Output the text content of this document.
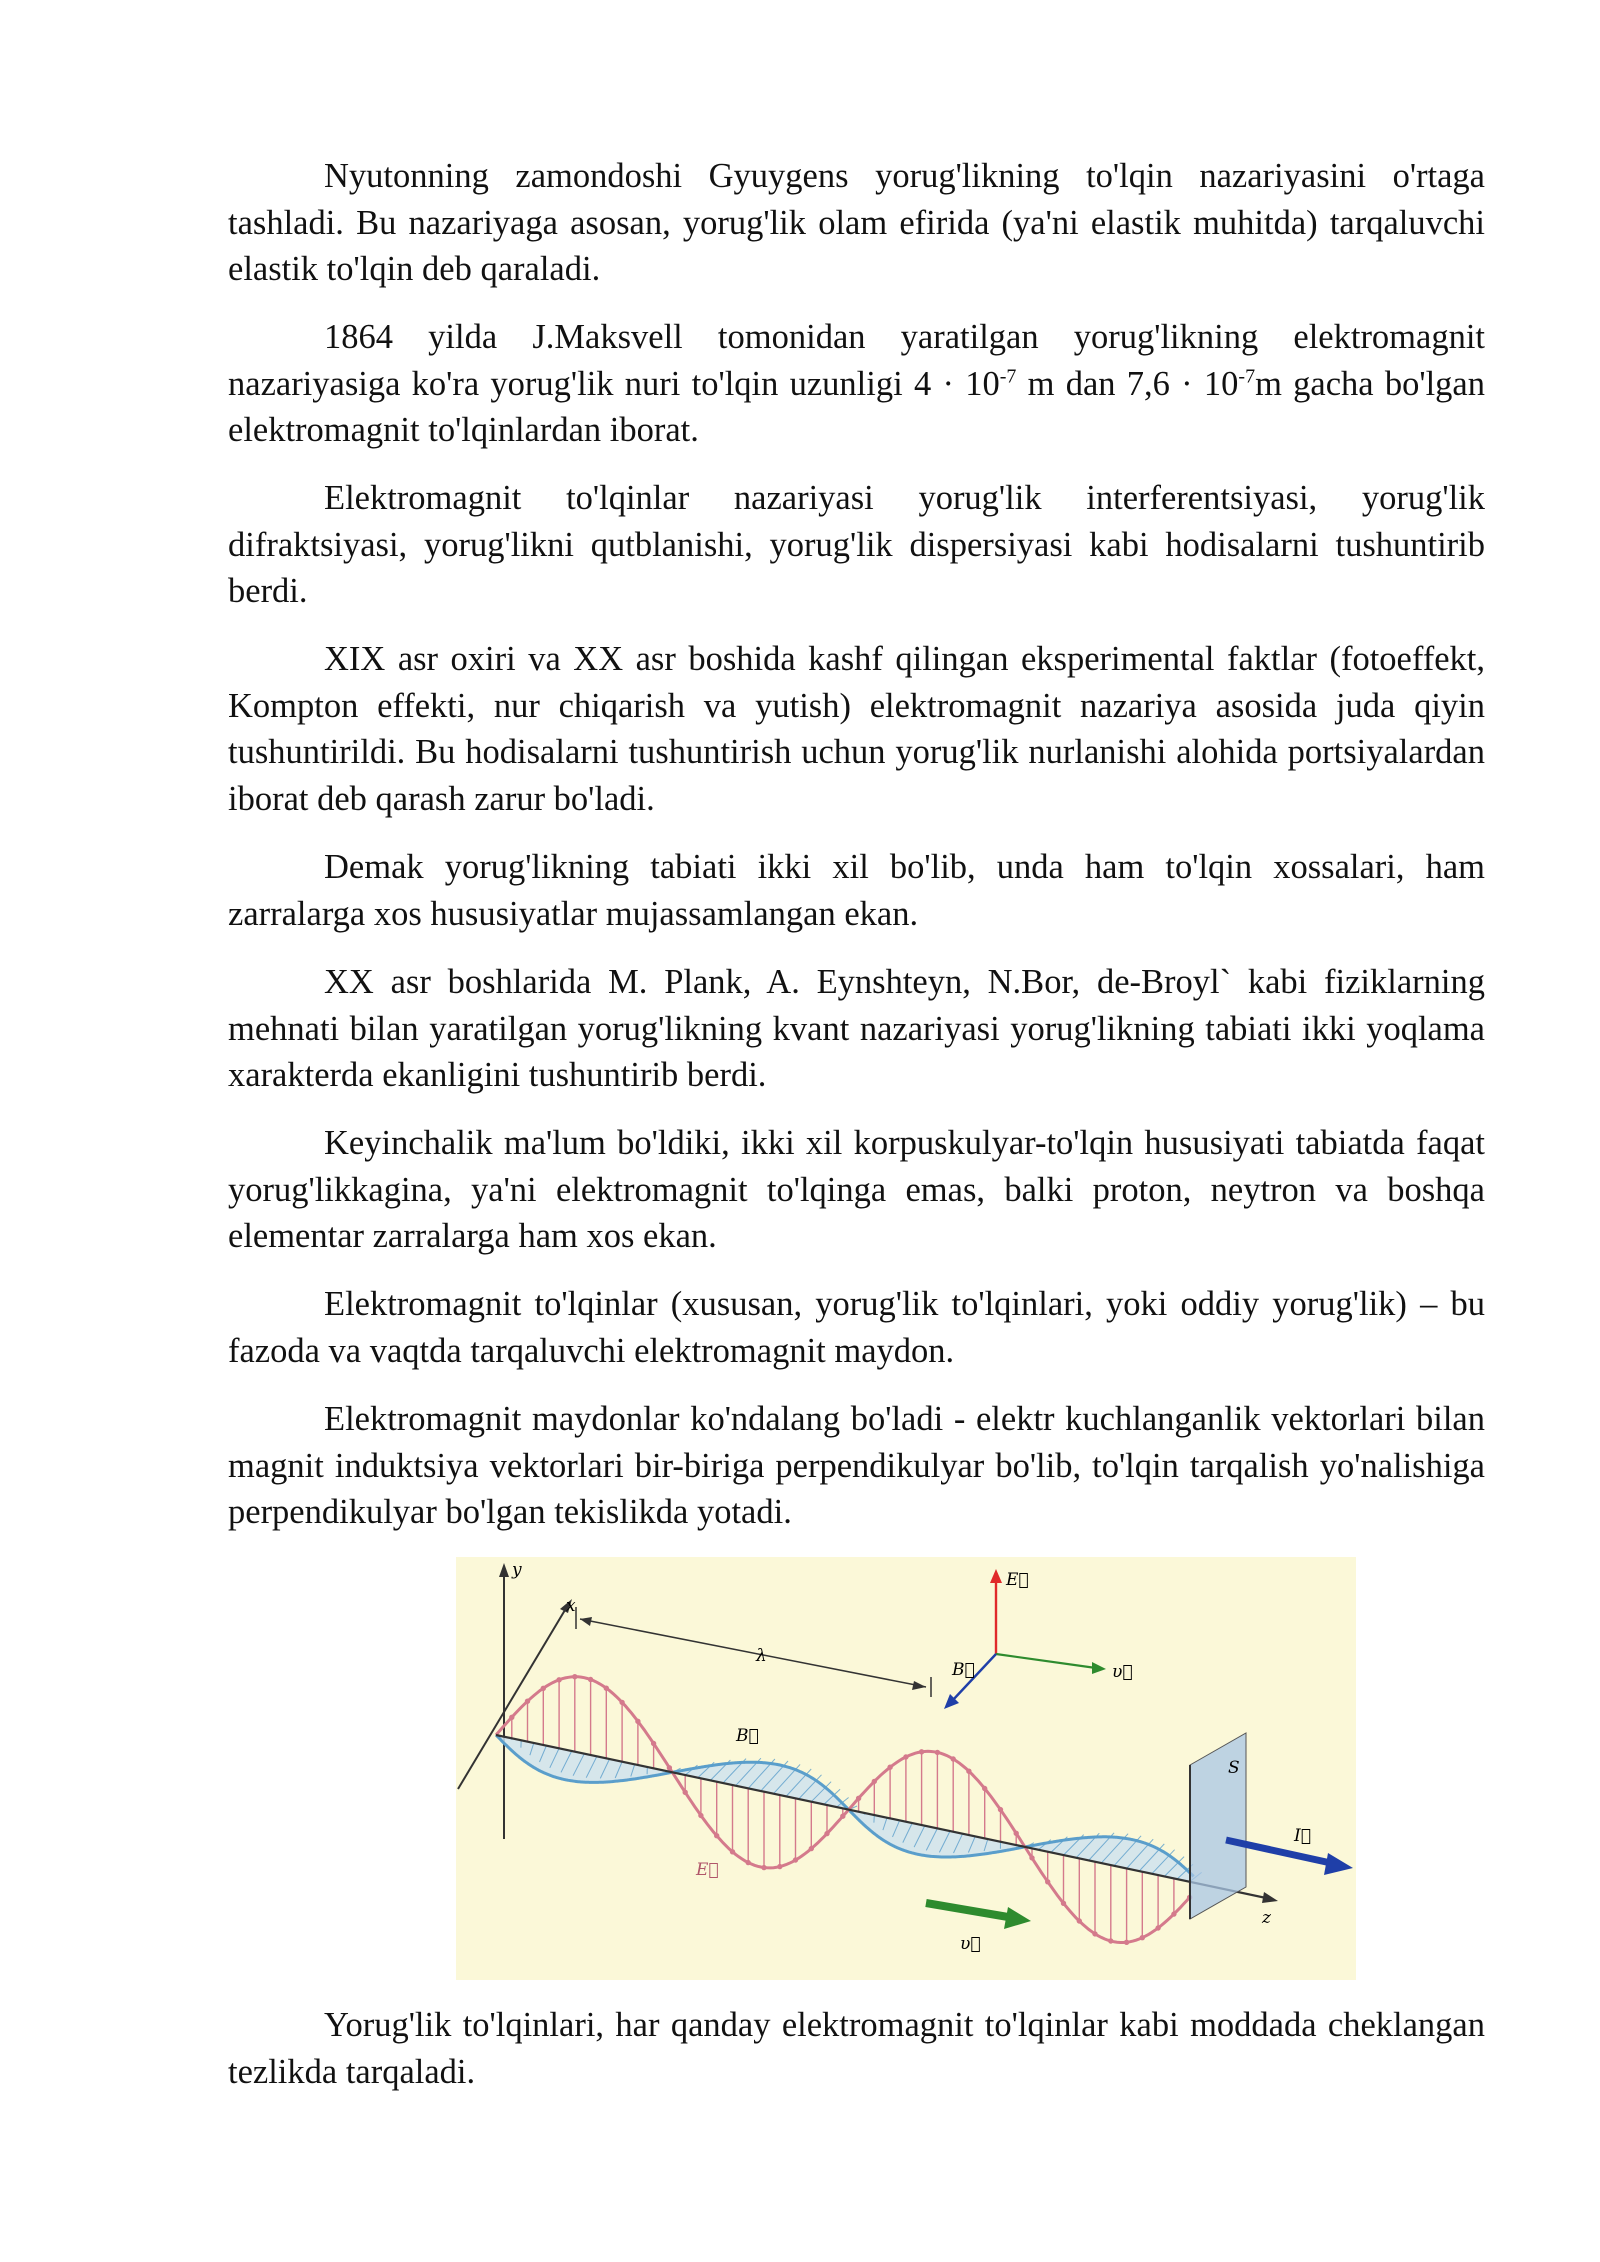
Nyutonning zamondoshi Gyuygens yorug'likning to'lqin nazariyasini o'rtaga tashladi. Bu nazariyaga asosan, yorug'lik olam efirida (ya'ni elastik muhitda) tarqaluvchi elastik to'lqin deb qaraladi.

1864 yilda J.Maksvell tomonidan yaratilgan yorug'likning elektromagnit nazariyasiga ko'ra yorug'lik nuri to'lqin uzunligi $4 \cdot 10^{-7}$ m dan $7,6 \cdot 10^{-7}m$ gacha bo'lgan elektromagnit to'lqinlardan iborat.

Elektromagnit to'lqinlar nazariyasi yorug'lik interferentsiyasi, yorug'lik difraktsiyasi, yorug'likni qutblanishi, yorug'lik dispersiyasi kabi hodisalarni tushuntirib berdi.

XIX asr oxiri va XX asr boshida kashf qilingan eksperimental faktlar (fotoeffekt, Kompton effekti, nur chiqarish va yutish) elektromagnit nazariya asosida juda qiyin tushuntirildi. Bu hodisalarni tushuntirish uchun yorug'lik nurlanishi alohida portsiyalardan iborat deb qarash zarur bo'ladi.

Demak yorug'likning tabiati ikki xil bo'lib, unda ham to'lqin xossalari, ham zarralarga xos hususiyatlar mujassamlangan ekan.

XX asr boshlarida M. Plank, A. Eynshteyn, N.Bor, de-Broyl` kabi fiziklarning mehnati bilan yaratilgan yorug'likning kvant nazariyasi yorug'likning tabiati ikki yoqlama xarakterda ekanligini tushuntirib berdi.

Keyinchalik ma'lum bo'ldiki, ikki xil korpuskulyar-to'lqin hususiyati tabiatda faqat yorug'likkagina, ya'ni elektromagnit to'lqinga emas, balki proton, neytron va boshqa elementar zarralarga ham xos ekan.

Elektromagnit to'lqinlar (xususan, yorug'lik to'lqinlari, yoki oddiy yorug'lik) – bu fazoda va vaqtda tarqaluvchi elektromagnit maydon.

Elektromagnit maydonlar ko'ndalang bo'ladi - elektr kuchlanganlik vektorlari bilan magnit induktsiya vektorlari bir-biriga perpendikulyar bo'lib, to'lqin tarqalish yo'nalishiga perpendikulyar bo'lgan tekislikda yotadi.

y
x
z
λ
B⃗
E⃗
E⃗
υ⃗
B⃗
S
I⃗
υ⃗

Yorug'lik to'lqinlari, har qanday elektromagnit to'lqinlar kabi moddada cheklangan tezlikda tarqaladi.
